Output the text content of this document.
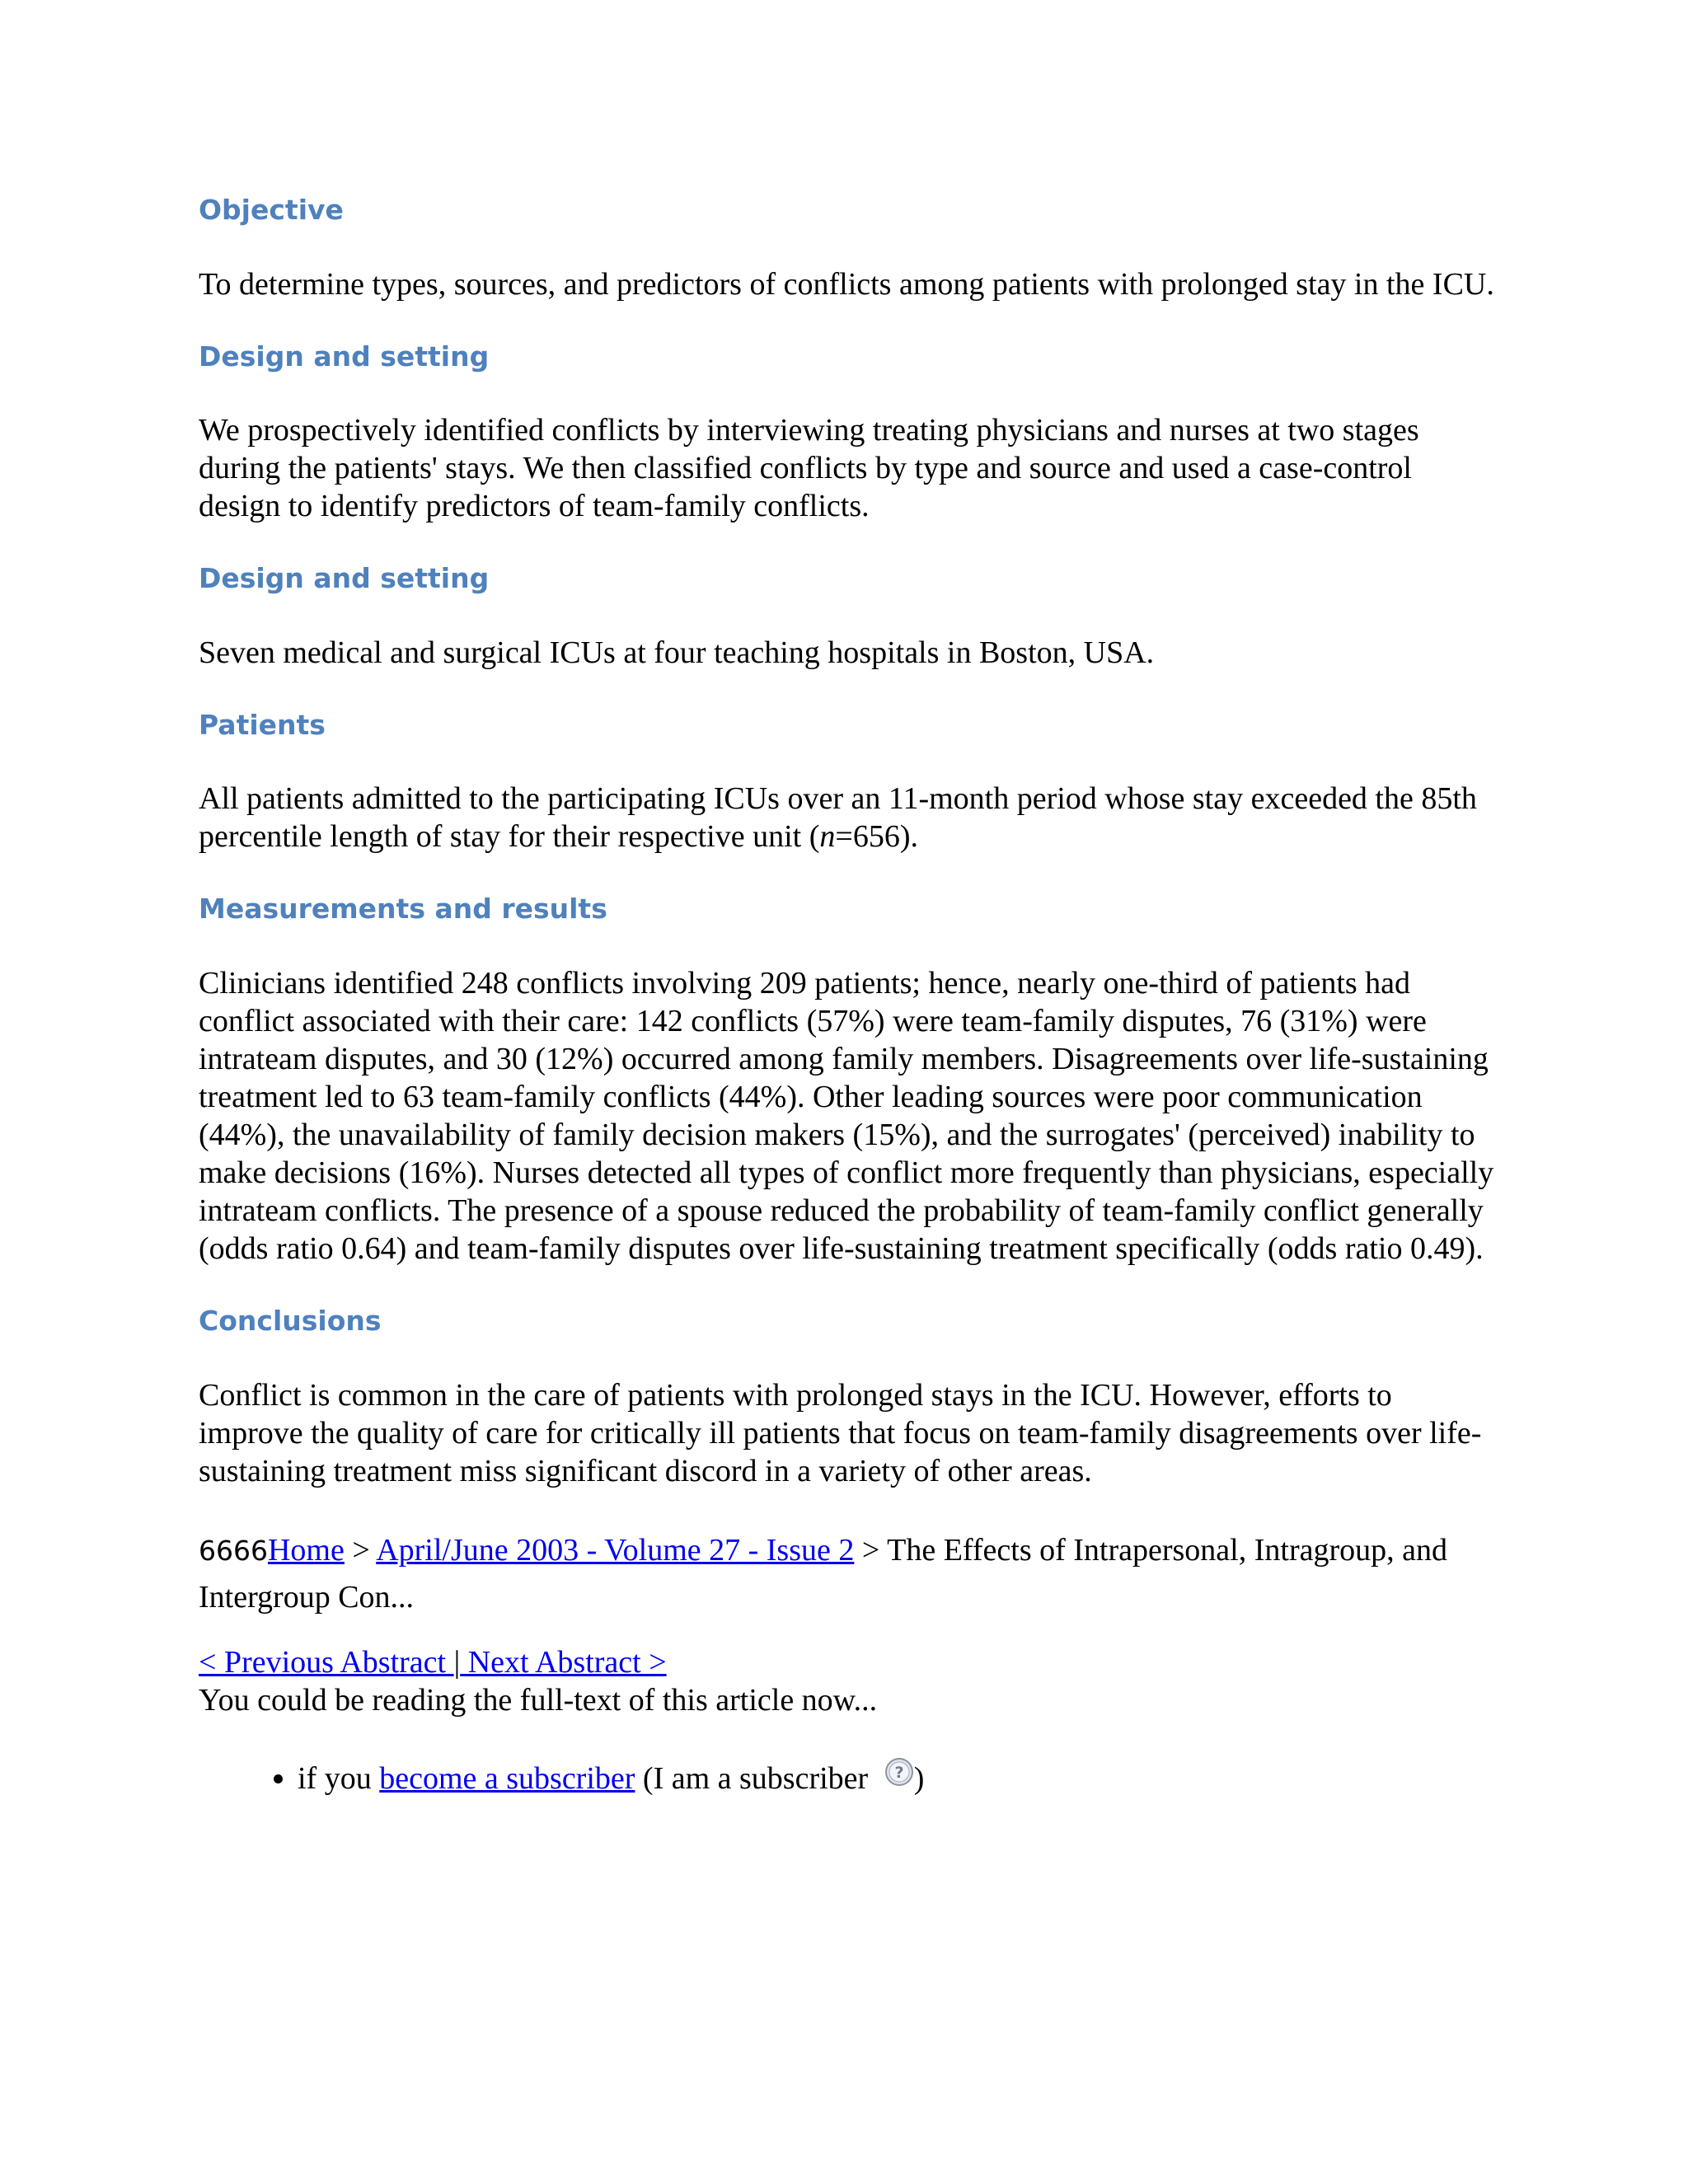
Objective

To determine types, sources, and predictors of conflicts among patients with prolonged stay in the ICU.

Design and setting

We prospectively identified conflicts by interviewing treating physicians and nurses at two stages during the patients' stays. We then classified conflicts by type and source and used a case-control design to identify predictors of team-family conflicts.

Design and setting

Seven medical and surgical ICUs at four teaching hospitals in Boston, USA.

Patients

All patients admitted to the participating ICUs over an 11-month period whose stay exceeded the 85th percentile length of stay for their respective unit (n=656).

Measurements and results

Clinicians identified 248 conflicts involving 209 patients; hence, nearly one-third of patients had conflict associated with their care: 142 conflicts (57%) were team-family disputes, 76 (31%) were intrateam disputes, and 30 (12%) occurred among family members. Disagreements over life-sustaining treatment led to 63 team-family conflicts (44%). Other leading sources were poor communication (44%), the unavailability of family decision makers (15%), and the surrogates' (perceived) inability to make decisions (16%). Nurses detected all types of conflict more frequently than physicians, especially intrateam conflicts. The presence of a spouse reduced the probability of team-family conflict generally (odds ratio 0.64) and team-family disputes over life-sustaining treatment specifically (odds ratio 0.49).

Conclusions

Conflict is common in the care of patients with prolonged stays in the ICU. However, efforts to improve the quality of care for critically ill patients that focus on team-family disagreements over life-sustaining treatment miss significant discord in a variety of other areas.

6666Home > April/June 2003 - Volume 27 - Issue 2 > The Effects of Intrapersonal, Intragroup, and Intergroup Con...
< Previous Abstract | Next Abstract >
You could be reading the full-text of this article now...
• if you become a subscriber (I am a subscriber ? )
